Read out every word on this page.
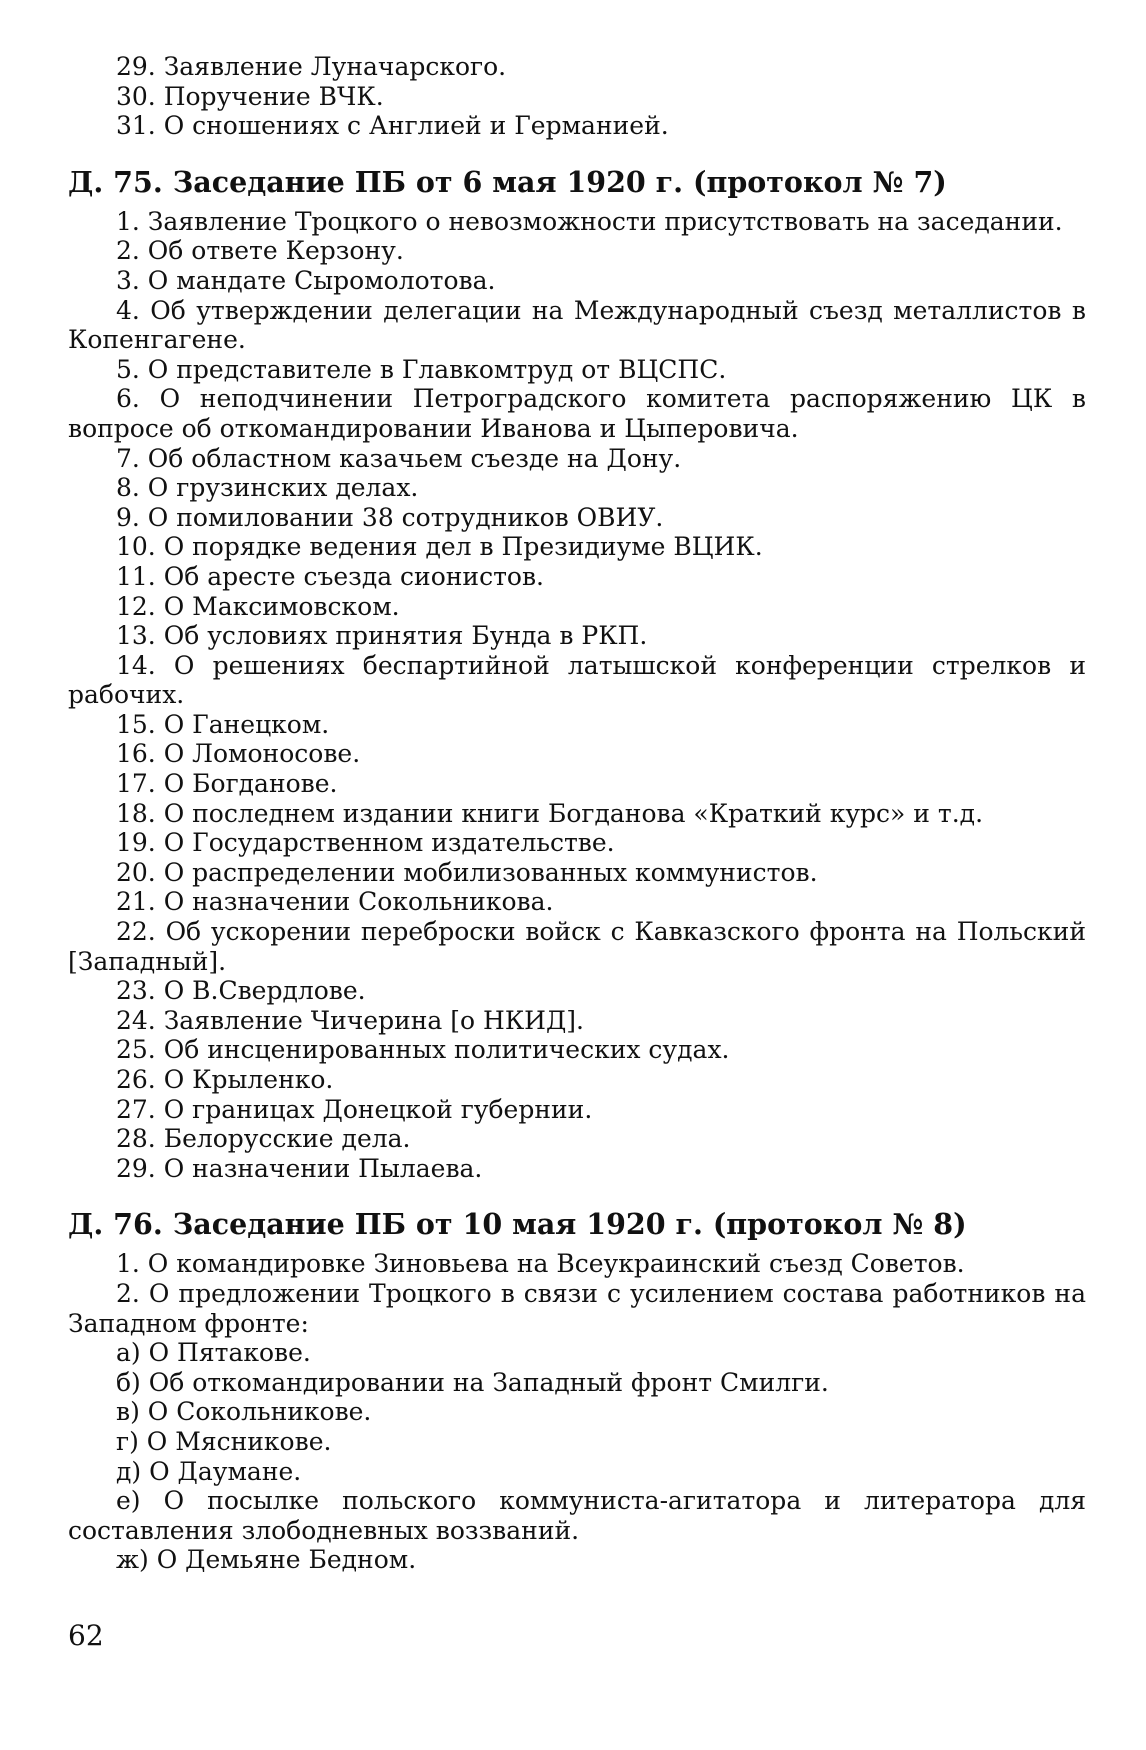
29. Заявление Луначарского.

30. Поручение ВЧК.

31. О сношениях с Англией и Германией.

Д. 75. Заседание ПБ от 6 мая 1920 г. (протокол № 7)

1. Заявление Троцкого о невозможности присутствовать на заседании.

2. Об ответе Керзону.

3. О мандате Сыромолотова.

4. Об утверждении делегации на Международный съезд металлистов в Копенгагене.

5. О представителе в Главкомтруд от ВЦСПС.

6. О неподчинении Петроградского комитета распоряжению ЦК в вопросе об откомандировании Иванова и Цыперовича.

7. Об областном казачьем съезде на Дону.

8. О грузинских делах.

9. О помиловании 38 сотрудников ОВИУ.

10. О порядке ведения дел в Президиуме ВЦИК.

11. Об аресте съезда сионистов.

12. О Максимовском.

13. Об условиях принятия Бунда в РКП.

14. О решениях беспартийной латышской конференции стрелков и рабочих.

15. О Ганецком.

16. О Ломоносове.

17. О Богданове.

18. О последнем издании книги Богданова «Краткий курс» и т.д.

19. О Государственном издательстве.

20. О распределении мобилизованных коммунистов.

21. О назначении Сокольникова.

22. Об ускорении переброски войск с Кавказского фронта на Польский [Западный].

23. О В.Свердлове.

24. Заявление Чичерина [о НКИД].

25. Об инсценированных политических судах.

26. О Крыленко.

27. О границах Донецкой губернии.

28. Белорусские дела.

29. О назначении Пылаева.

Д. 76. Заседание ПБ от 10 мая 1920 г. (протокол № 8)

1. О командировке Зиновьева на Всеукраинский съезд Советов.

2. О предложении Троцкого в связи с усилением состава работников на Западном фронте:

а) О Пятакове.

б) Об откомандировании на Западный фронт Смилги.

в) О Сокольникове.

г) О Мясникове.

д) О Даумане.

е) О посылке польского коммуниста-агитатора и литератора для составления злободневных воззваний.

ж) О Демьяне Бедном.

62
